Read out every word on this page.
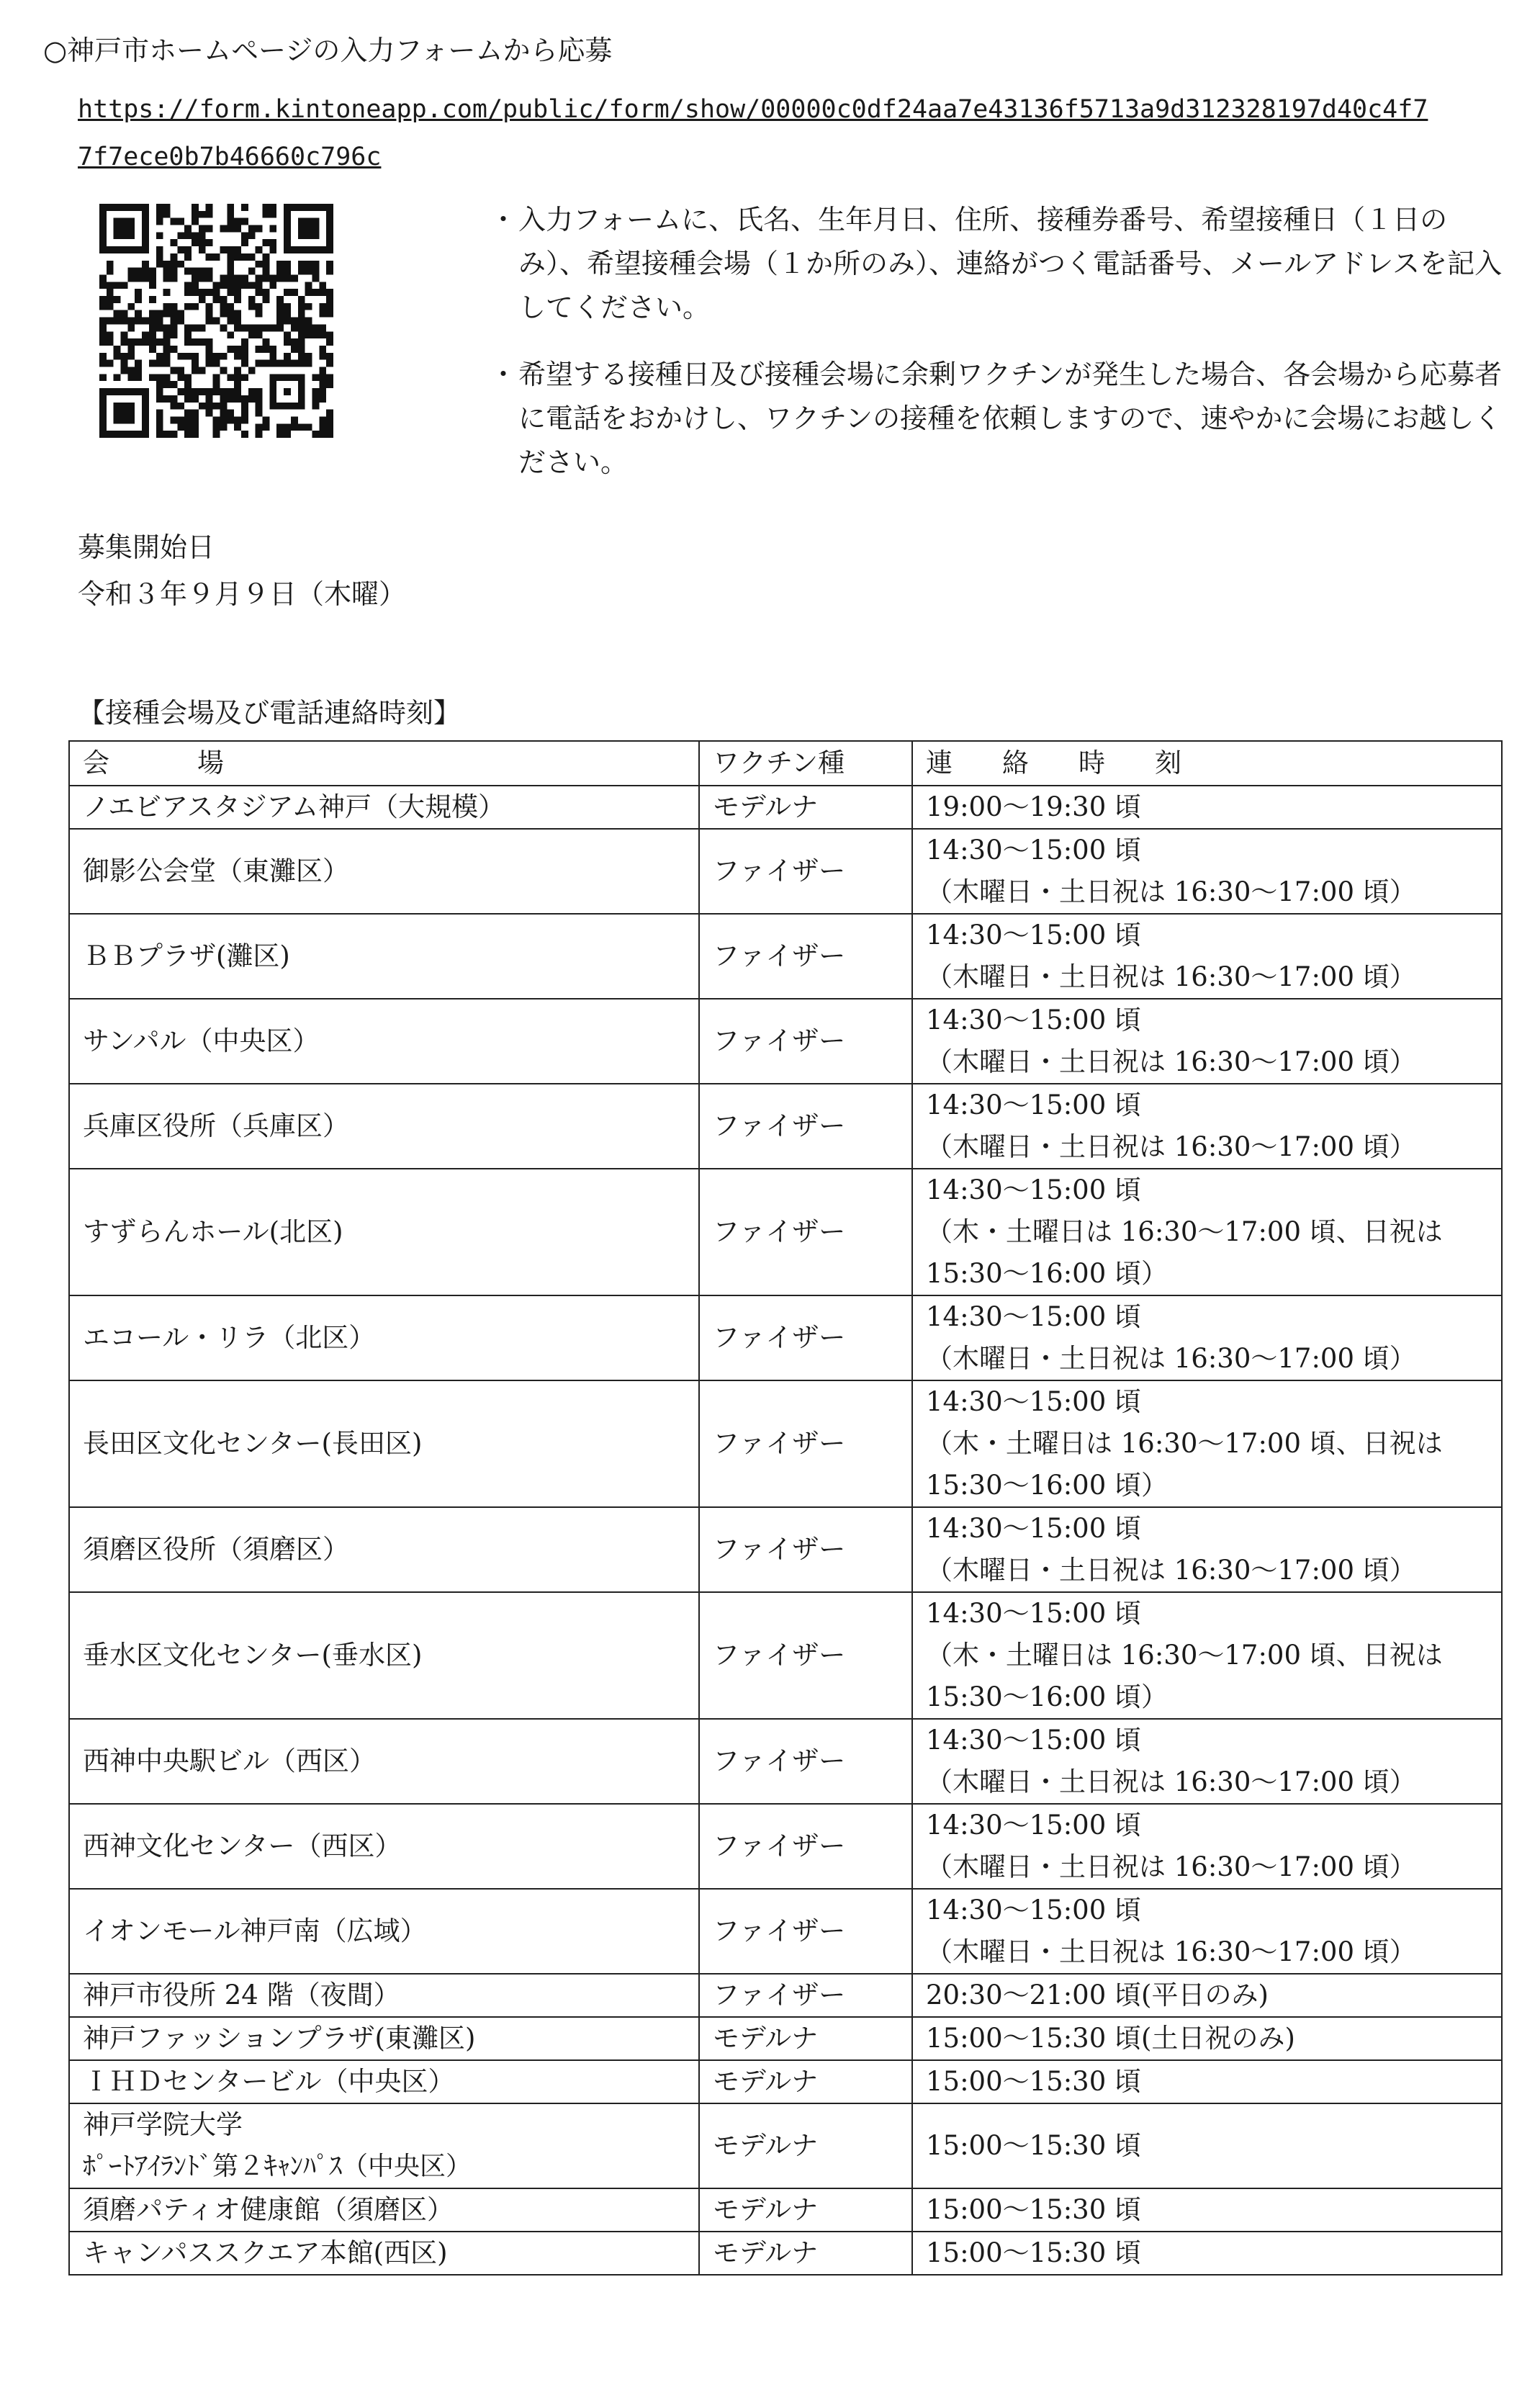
○神戸市ホームページの入力フォームから応募
https://form.kintoneapp.com/public/form/show/00000c0df24aa7e43136f5713a9d312328197d40c4f7
7f7ece0b7b46660c796c
・ 入力フォームに、氏名、生年月日、住所、接種券番号、希望接種日（１日のみ）、希望接種会場（１か所のみ）、連絡がつく電話番号、メールアドレスを記入してください。
・ 希望する接種日及び接種会場に余剰ワクチンが発生した場合、各会場から応募者に電話をおかけし、ワクチンの接種を依頼しますので、速やかに会場にお越しください。
募集開始日
令和３年９月９日（木曜）
【接種会場及び電話連絡時刻】
会　　場	ワクチン種	連　絡　時　刻

ノエビアスタジアム神戸（大規模）	モデルナ	19:00～19:30 頃

御影公会堂（東灘区）	ファイザー	14:30～15:00 頃
（木曜日・土日祝は 16:30～17:00 頃）

ＢＢプラザ(灘区)	ファイザー	14:30～15:00 頃
（木曜日・土日祝は 16:30～17:00 頃）

サンパル（中央区）	ファイザー	14:30～15:00 頃
（木曜日・土日祝は 16:30～17:00 頃）

兵庫区役所（兵庫区）	ファイザー	14:30～15:00 頃
（木曜日・土日祝は 16:30～17:00 頃）

すずらんホール(北区)	ファイザー	14:30～15:00 頃
（木・土曜日は 16:30～17:00 頃、日祝は
15:30～16:00 頃）

エコール・リラ（北区）	ファイザー	14:30～15:00 頃
（木曜日・土日祝は 16:30～17:00 頃）

長田区文化センター(長田区)	ファイザー	14:30～15:00 頃
（木・土曜日は 16:30～17:00 頃、日祝は
15:30～16:00 頃）

須磨区役所（須磨区）	ファイザー	14:30～15:00 頃
（木曜日・土日祝は 16:30～17:00 頃）

垂水区文化センター(垂水区)	ファイザー	14:30～15:00 頃
（木・土曜日は 16:30～17:00 頃、日祝は
15:30～16:00 頃）

西神中央駅ビル（西区）	ファイザー	14:30～15:00 頃
（木曜日・土日祝は 16:30～17:00 頃）

西神文化センター（西区）	ファイザー	14:30～15:00 頃
（木曜日・土日祝は 16:30～17:00 頃）

イオンモール神戸南（広域）	ファイザー	14:30～15:00 頃
（木曜日・土日祝は 16:30～17:00 頃）

神戸市役所 24 階（夜間）	ファイザー	20:30～21:00 頃(平日のみ)

神戸ファッションプラザ(東灘区)	モデルナ	15:00～15:30 頃(土日祝のみ)

ＩＨＤセンタービル（中央区）	モデルナ	15:00～15:30 頃

神戸学院大学
ﾎﾟｰﾄｱｲﾗﾝﾄﾞ第２ｷｬﾝﾊﾟｽ（中央区）	モデルナ	15:00～15:30 頃

須磨パティオ健康館（須磨区）	モデルナ	15:00～15:30 頃

キャンパススクエア本館(西区)	モデルナ	15:00～15:30 頃
